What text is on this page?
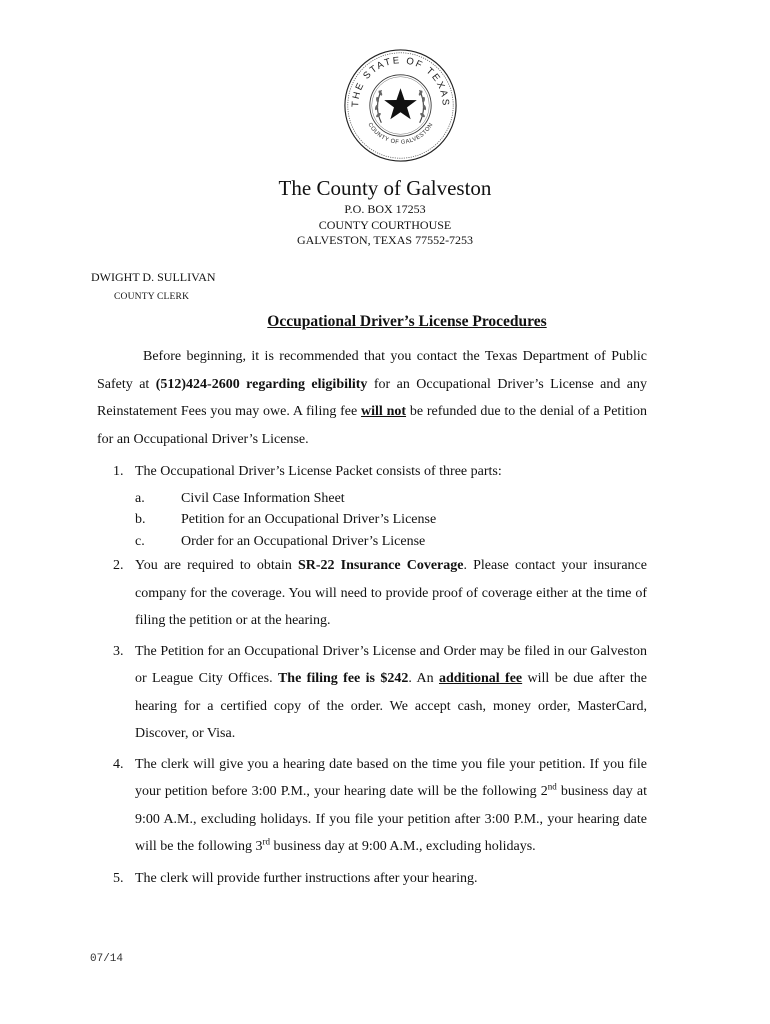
THE STATE OF TEXAS
COUNTY OF GALVESTON
The County of Galveston
P.O. BOX 17253
COUNTY COURTHOUSE
GALVESTON, TEXAS 77552-7253
DWIGHT D. SULLIVAN
COUNTY CLERK
Occupational Driver’s License Procedures
Before beginning, it is recommended that you contact the Texas Department of Public Safety at (512)424-2600 regarding eligibility for an Occupational Driver’s License and any Reinstatement Fees you may owe. A filing fee will not be refunded due to the denial of a Petition for an Occupational Driver’s License.
1. The Occupational Driver’s License Packet consists of three parts:
a.	Civil Case Information Sheet
b.	Petition for an Occupational Driver’s License
c.	Order for an Occupational Driver’s License
2. You are required to obtain SR-22 Insurance Coverage. Please contact your insurance company for the coverage. You will need to provide proof of coverage either at the time of filing the petition or at the hearing.
3. The Petition for an Occupational Driver’s License and Order may be filed in our Galveston or League City Offices. The filing fee is $242. An additional fee will be due after the hearing for a certified copy of the order. We accept cash, money order, MasterCard, Discover, or Visa.
4. The clerk will give you a hearing date based on the time you file your petition. If you file your petition before 3:00 P.M., your hearing date will be the following 2nd business day at 9:00 A.M., excluding holidays. If you file your petition after 3:00 P.M., your hearing date will be the following 3rd business day at 9:00 A.M., excluding holidays.
5. The clerk will provide further instructions after your hearing.
07/14
